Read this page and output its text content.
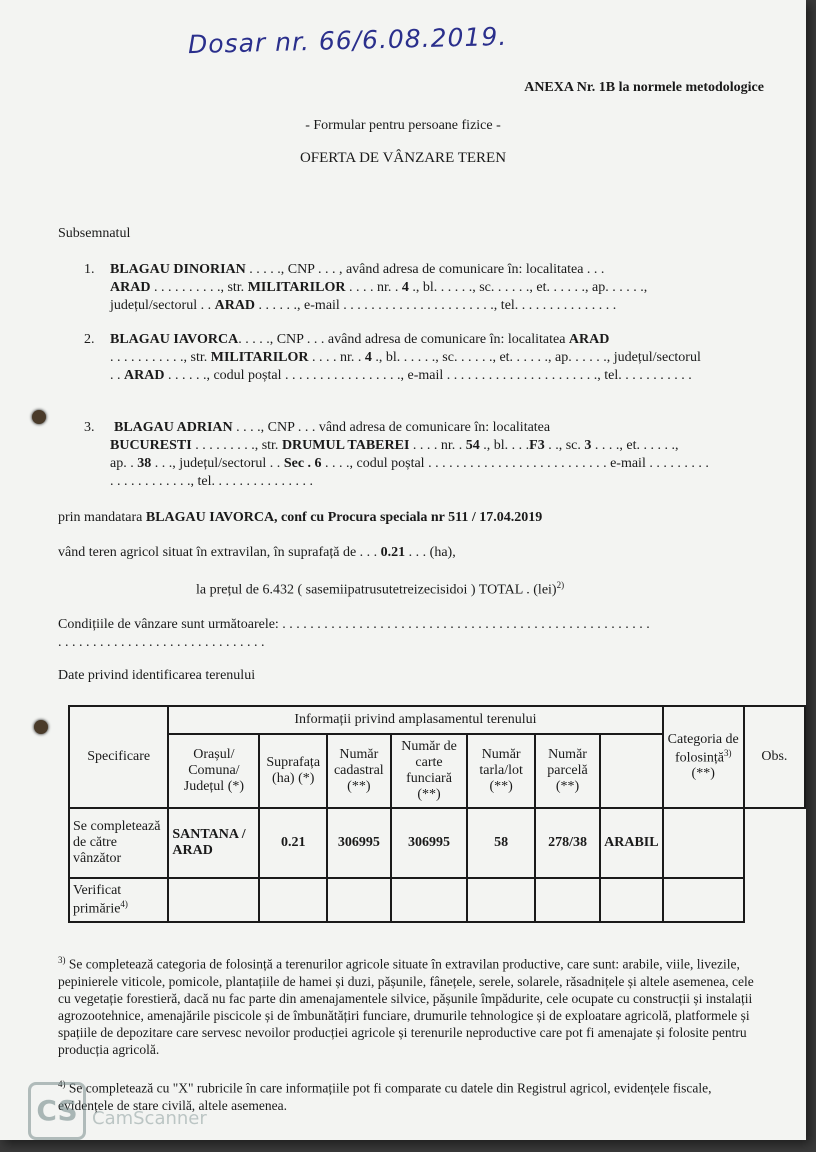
Dosar nr. 66/6.08.2019.
ANEXA Nr. 1B la normele metodologice
- Formular pentru persoane fizice -
OFERTA DE VÂNZARE TEREN
Subsemnatul
1. BLAGAU DINORIAN . . . . ., CNP . . . , având adresa de comunicare în: localitatea . . .
ARAD . . . . . . . . . ., str. MILITARILOR . . . . nr. . 4 ., bl. . . . . ., sc. . . . . ., et. . . . . ., ap. . . . . .,
județul/sectorul . . ARAD . . . . . ., e-mail . . . . . . . . . . . . . . . . . . . . . ., tel. . . . . . . . . . . . . . .
2. BLAGAU IAVORCA. . . . ., CNP . . . având adresa de comunicare în: localitatea ARAD
. . . . . . . . . . ., str. MILITARILOR . . . . nr. . 4 ., bl. . . . . ., sc. . . . . ., et. . . . . ., ap. . . . . ., județul/sectorul
. . ARAD . . . . . ., codul poștal . . . . . . . . . . . . . . . . ., e-mail . . . . . . . . . . . . . . . . . . . . . ., tel. . . . . . . . . . .
3. BLAGAU ADRIAN . . . ., CNP . . . vând adresa de comunicare în: localitatea
BUCURESTI . . . . . . . . ., str. DRUMUL TABEREI . . . . nr. . 54 ., bl. . . .F3 . ., sc. 3 . . . ., et. . . . . .,
ap. . 38 . . ., județul/sectorul . . Sec . 6 . . . ., codul poștal . . . . . . . . . . . . . . . . . . . . . . . . . . e-mail . . . . . . . . .
. . . . . . . . . . . ., tel. . . . . . . . . . . . . . .
prin mandatara BLAGAU IAVORCA, conf cu Procura speciala nr 511 / 17.04.2019
vând teren agricol situat în extravilan, în suprafață de . . . 0.21 . . . (ha),
la prețul de 6.432 ( sasemiipatrusutetreizecisidoi ) TOTAL . (lei)$^{2)}$
Condițiile de vânzare sunt următoarele: . . . . . . . . . . . . . . . . . . . . . . . . . . . . . . . . . . . . . . . . . . . . . . . . . . . . .
. . . . . . . . . . . . . . . . . . . . . . . . . . . . . .
Date privind identificarea terenului
Specificare	Informații privind amplasamentul terenului							Categoria de folosință$^{3)}$ (**)	Obs.
	Orașul/ Comuna/ Județul (*)	Suprafața (ha) (*)	Număr cadastral (**)	Număr de carte funciară (**)	Număr tarla/lot (**)	Număr parcelă (**)		
Se completează de către vânzător	SANTANA / ARAD	0.21	306995	306995	58	278/38	ARABIL		
Verificat primărie$^{4)}$								
$^{3)}$ Se completează categoria de folosință a terenurilor agricole situate în extravilan productive, care sunt: arabile, viile, livezile, pepinierele viticole, pomicole, plantațiile de hamei și duzi, pășunile, fânețele, serele, solarele, răsadnițele și altele asemenea, cele cu vegetație forestieră, dacă nu fac parte din amenajamentele silvice, pășunile împădurite, cele ocupate cu construcții și instalații agrozootehnice, amenajările piscicole și de îmbunătățiri funciare, drumurile tehnologice și de exploatare agricolă, platformele și spațiile de depozitare care servesc nevoilor producției agricole și terenurile neproductive care pot fi amenajate și folosite pentru producția agricolă.
$^{4)}$ Se completează cu "X" rubricile în care informațiile pot fi comparate cu datele din Registrul agricol, evidențele fiscale, evidențele de stare civilă, altele asemenea.
CS CamScanner
